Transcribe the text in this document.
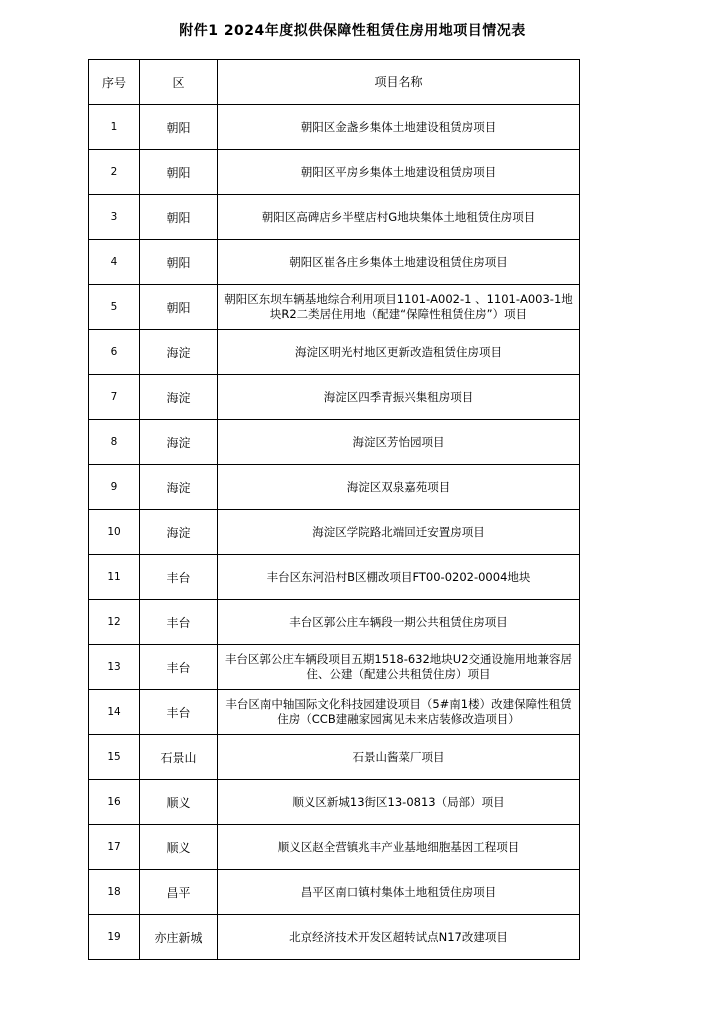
附件1 2024年度拟供保障性租赁住房用地项目情况表
序号	区	项目名称
1	朝阳	朝阳区金盏乡集体土地建设租赁房项目
2	朝阳	朝阳区平房乡集体土地建设租赁房项目
3	朝阳	朝阳区高碑店乡半壁店村G地块集体土地租赁住房项目
4	朝阳	朝阳区崔各庄乡集体土地建设租赁住房项目
5	朝阳	朝阳区东坝车辆基地综合利用项目1101-A002-1 、1101-A003-1地块R2二类居住用地（配建“保障性租赁住房”）项目
6	海淀	海淀区明光村地区更新改造租赁住房项目
7	海淀	海淀区四季青振兴集租房项目
8	海淀	海淀区芳怡园项目
9	海淀	海淀区双泉嘉苑项目
10	海淀	海淀区学院路北端回迁安置房项目
11	丰台	丰台区东河沿村B区棚改项目FT00-0202-0004地块
12	丰台	丰台区郭公庄车辆段一期公共租赁住房项目
13	丰台	丰台区郭公庄车辆段项目五期1518-632地块U2交通设施用地兼容居住、公建（配建公共租赁住房）项目
14	丰台	丰台区南中轴国际文化科技园建设项目（5#南1楼）改建保障性租赁住房（CCB建融家园寓见未来店装修改造项目）
15	石景山	石景山酱菜厂项目
16	顺义	顺义区新城13街区13-0813（局部）项目
17	顺义	顺义区赵全营镇兆丰产业基地细胞基因工程项目
18	昌平	昌平区南口镇村集体土地租赁住房项目
19	亦庄新城	北京经济技术开发区超转试点N17改建项目
